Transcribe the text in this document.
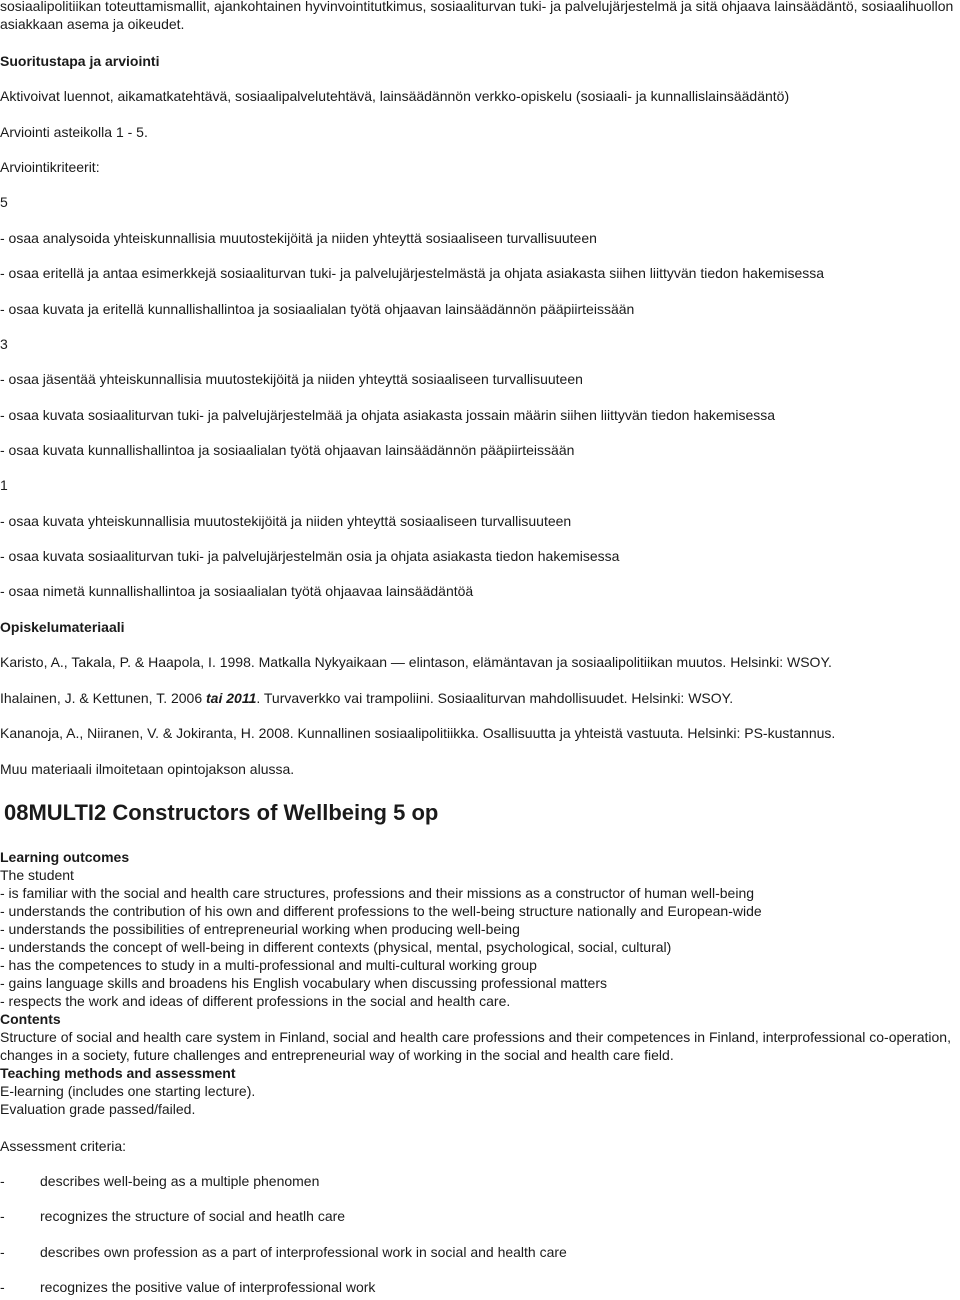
sosiaalipolitiikan toteuttamismallit, ajankohtainen hyvinvointitutkimus, sosiaaliturvan tuki- ja palvelujärjestelmä ja sitä ohjaava lainsäädäntö, sosiaalihuollon asiakkaan asema ja oikeudet.
Suoritustapa ja arviointi
Aktivoivat luennot, aikamatkatehtävä, sosiaalipalvelutehtävä, lainsäädännön verkko-opiskelu (sosiaali- ja kunnallislainsäädäntö)
Arviointi asteikolla 1 - 5.
Arviointikriteerit:
5
- osaa analysoida yhteiskunnallisia muutostekijöitä ja niiden yhteyttä sosiaaliseen turvallisuuteen
- osaa eritellä ja antaa esimerkkejä sosiaaliturvan tuki- ja palvelujärjestelmästä ja ohjata asiakasta siihen liittyvän tiedon hakemisessa
- osaa kuvata ja eritellä kunnallishallintoa ja sosiaalialan työtä ohjaavan lainsäädännön pääpiirteissään
3
- osaa jäsentää yhteiskunnallisia muutostekijöitä ja niiden yhteyttä sosiaaliseen turvallisuuteen
- osaa kuvata sosiaaliturvan tuki- ja palvelujärjestelmää ja ohjata asiakasta jossain määrin siihen liittyvän tiedon hakemisessa
- osaa kuvata kunnallishallintoa ja sosiaalialan työtä ohjaavan lainsäädännön pääpiirteissään
1
- osaa kuvata yhteiskunnallisia muutostekijöitä ja niiden yhteyttä sosiaaliseen turvallisuuteen
- osaa kuvata sosiaaliturvan tuki- ja palvelujärjestelmän osia ja ohjata asiakasta tiedon hakemisessa
- osaa nimetä kunnallishallintoa ja sosiaalialan työtä ohjaavaa lainsäädäntöä
Opiskelumateriaali
Karisto, A., Takala, P. & Haapola, I. 1998. Matkalla Nykyaikaan — elintason, elämäntavan ja sosiaalipolitiikan muutos. Helsinki: WSOY.
Ihalainen, J. & Kettunen, T. 2006 tai 2011. Turvaverkko vai trampoliini. Sosiaaliturvan mahdollisuudet. Helsinki: WSOY.
Kananoja, A., Niiranen, V. & Jokiranta, H. 2008. Kunnallinen sosiaalipolitiikka. Osallisuutta ja yhteistä vastuuta. Helsinki: PS-kustannus.
Muu materiaali ilmoitetaan opintojakson alussa.
08MULTI2 Constructors of Wellbeing 5 op
Learning outcomes
The student
- is familiar with the social and health care structures, professions and their missions as a constructor of human well-being
- understands the contribution of his own and different professions to the well-being structure nationally and European-wide
- understands the possibilities of entrepreneurial working when producing well-being
- understands the concept of well-being in different contexts (physical, mental, psychological, social, cultural)
- has the competences to study in a multi-professional and multi-cultural working group
- gains language skills and broadens his English vocabulary when discussing professional matters
- respects the work and ideas of different professions in the social and health care.
Contents
Structure of social and health care system in Finland, social and health care professions and their competences in Finland, interprofessional co-operation, changes in a society, future challenges and entrepreneurial way of working in the social and health care field.
Teaching methods and assessment
E-learning (includes one starting lecture).
Evaluation grade passed/failed.
Assessment criteria:
-	describes well-being as a multiple phenomen
-	recognizes the structure of social and heatlh care
-	describes own profession as a part of interprofessional work in social and health care
-	recognizes the positive value of interprofessional work
